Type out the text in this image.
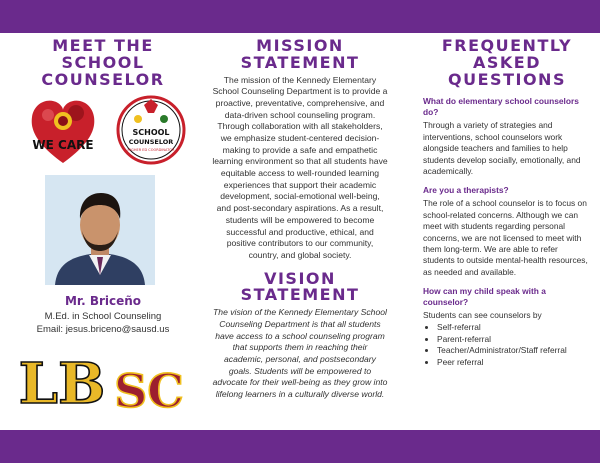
MEET THE SCHOOL COUNSELOR
WE CARE
SCHOOL
COUNSELOR
HIGHER ED COORDINATOR
Mr. Briceño
M.Ed. in School Counseling
Email: jesus.briceno@sausd.us
LB SC
MISSION STATEMENT

The mission of the Kennedy Elementary School Counseling Department is to provide a proactive, preventative, comprehensive, and data-driven school counseling program. Through collaboration with all stakeholders, we emphasize student-centered decision-making to provide a safe and empathetic learning environment so that all students have equitable access to well-rounded learning experiences that support their academic development, social-emotional well-being, and post-secondary aspirations. As a result, students will be empowered to become successful and productive, ethical, and positive contributors to our community, country, and global society.

VISION STATEMENT

The vision of the Kennedy Elementary School Counseling Department is that all students have access to a school counseling program that supports them in reaching their academic, personal, and postsecondary goals. Students will be empowered to advocate for their well-being as they grow into lifelong learners in a culturally diverse world.

FREQUENTLY ASKED QUESTIONS

What do elementary school counselors do?

Through a variety of strategies and interventions, school counselors work alongside teachers and families to help students develop socially, emotionally, and academically.

Are you a therapists?

The role of a school counselor is to focus on school-related concerns. Although we can meet with students regarding personal concerns, we are not licensed to meet with them long-term. We are able to refer students to outside mental-health resources, as needed and available.

How can my child speak with a counselor?

Students can see counselors by

• Self-referral
• Parent-referral
• Teacher/Administrator/Staff referral
• Peer referral
